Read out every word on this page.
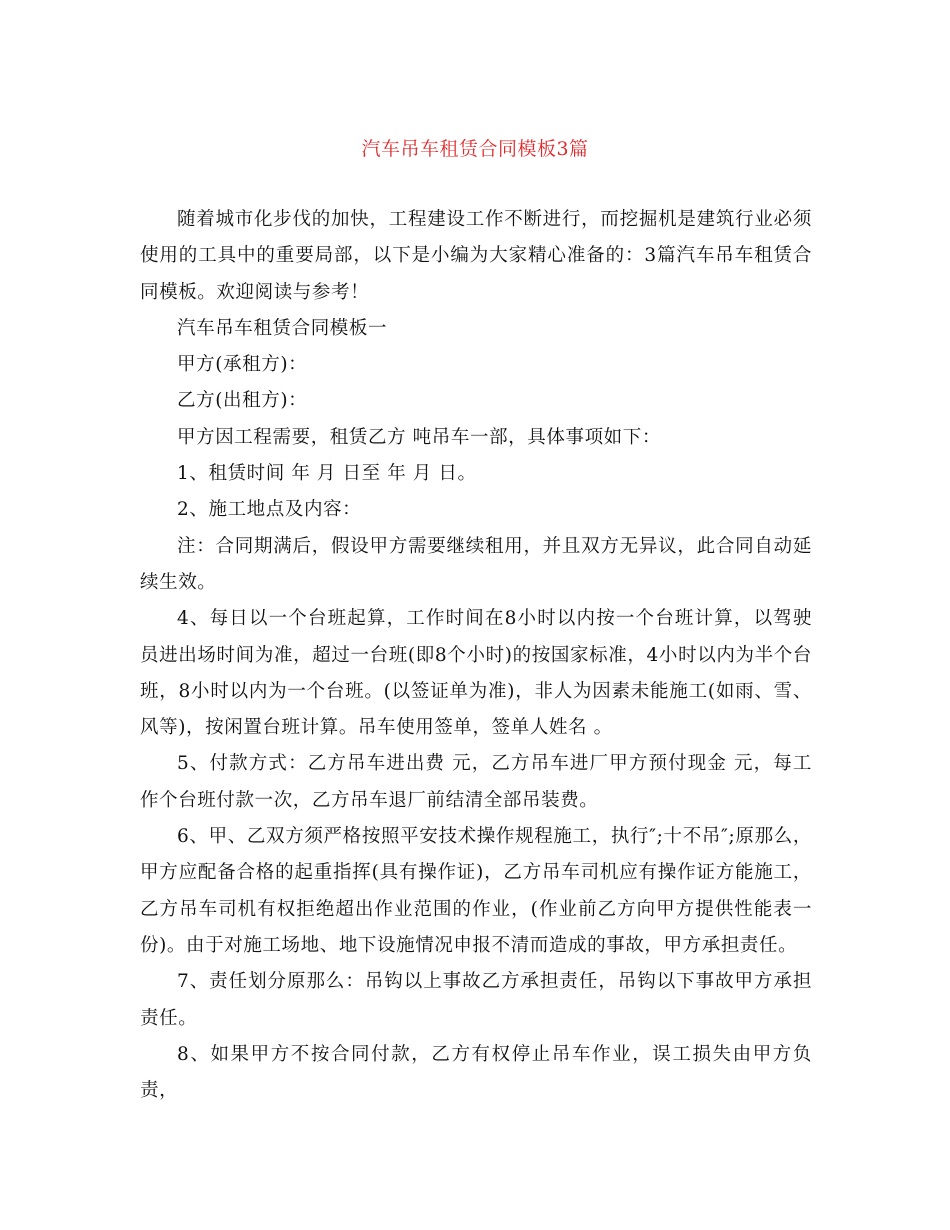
汽车吊车租赁合同模板3篇

随着城市化步伐的加快，工程建设工作不断进行，而挖掘机是建筑行业必须使用的工具中的重要局部，以下是小编为大家精心准备的：3篇汽车吊车租赁合同模板。欢迎阅读与参考！

汽车吊车租赁合同模板一

甲方(承租方)：

乙方(出租方)：

甲方因工程需要，租赁乙方 吨吊车一部，具体事项如下：

1、租赁时间 年 月 日至 年 月 日。

2、施工地点及内容：

注：合同期满后，假设甲方需要继续租用，并且双方无异议，此合同自动延续生效。

4、每日以一个台班起算，工作时间在8小时以内按一个台班计算，以驾驶员进出场时间为准，超过一台班(即8个小时)的按国家标准，4小时以内为半个台班，8小时以内为一个台班。(以签证单为准)，非人为因素未能施工(如雨、雪、风等)，按闲置台班计算。吊车使用签单，签单人姓名 。

5、付款方式：乙方吊车进出费 元，乙方吊车进厂甲方预付现金 元，每工作个台班付款一次，乙方吊车退厂前结清全部吊装费。

6、甲、乙双方须严格按照平安技术操作规程施工，执行″;十不吊″;原那么，甲方应配备合格的起重指挥(具有操作证)，乙方吊车司机应有操作证方能施工，乙方吊车司机有权拒绝超出作业范围的作业，(作业前乙方向甲方提供性能表一份)。由于对施工场地、地下设施情况申报不清而造成的事故，甲方承担责任。

7、责任划分原那么：吊钩以上事故乙方承担责任，吊钩以下事故甲方承担责任。

8、如果甲方不按合同付款，乙方有权停止吊车作业，误工损失由甲方负责，
